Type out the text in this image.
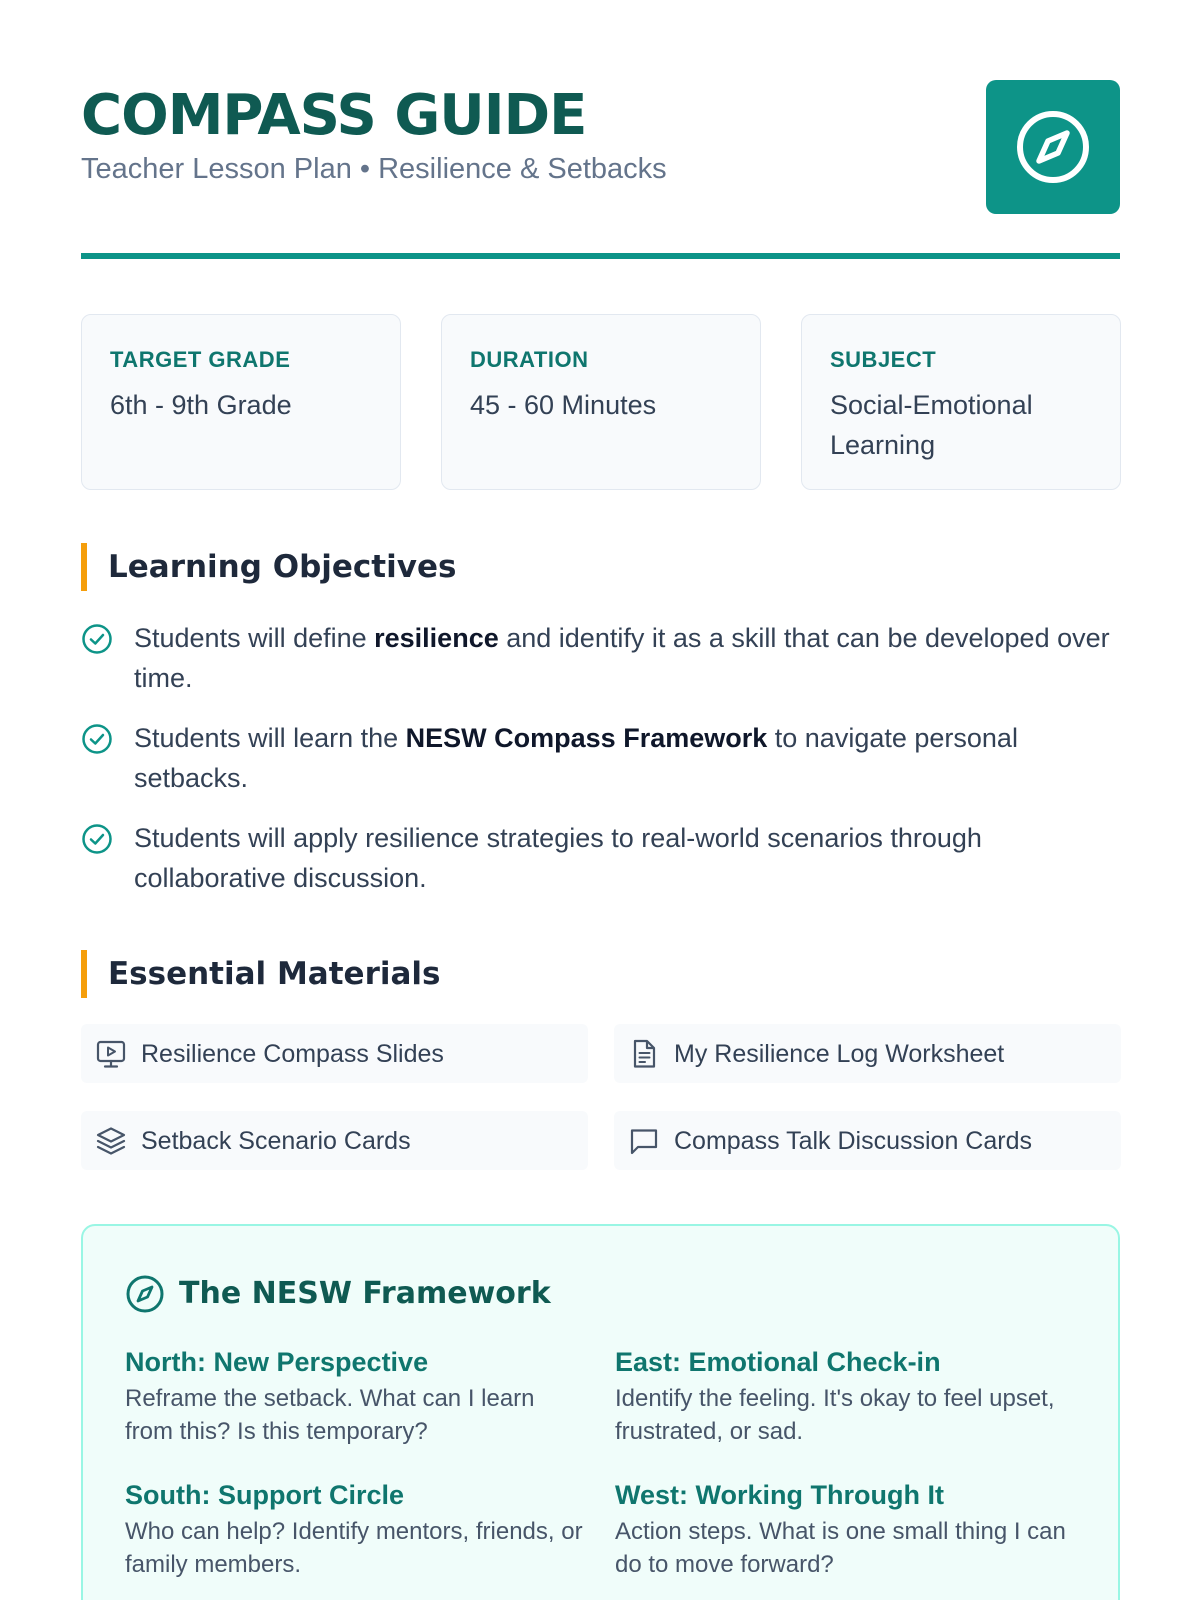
COMPASS GUIDE
Teacher Lesson Plan • Resilience & Setbacks
TARGET GRADE
6th - 9th Grade
DURATION
45 - 60 Minutes
SUBJECT
Social-Emotional Learning
Learning Objectives
Students will define resilience and identify it as a skill that can be developed over time.
Students will learn the NESW Compass Framework to navigate personal setbacks.
Students will apply resilience strategies to real-world scenarios through collaborative discussion.
Essential Materials
Resilience Compass Slides	My Resilience Log Worksheet
Setback Scenario Cards	Compass Talk Discussion Cards
The NESW Framework
North: New Perspective
Reframe the setback. What can I learn from this? Is this temporary?
East: Emotional Check-in
Identify the feeling. It's okay to feel upset, frustrated, or sad.
South: Support Circle
Who can help? Identify mentors, friends, or family members.
West: Working Through It
Action steps. What is one small thing I can do to move forward?
